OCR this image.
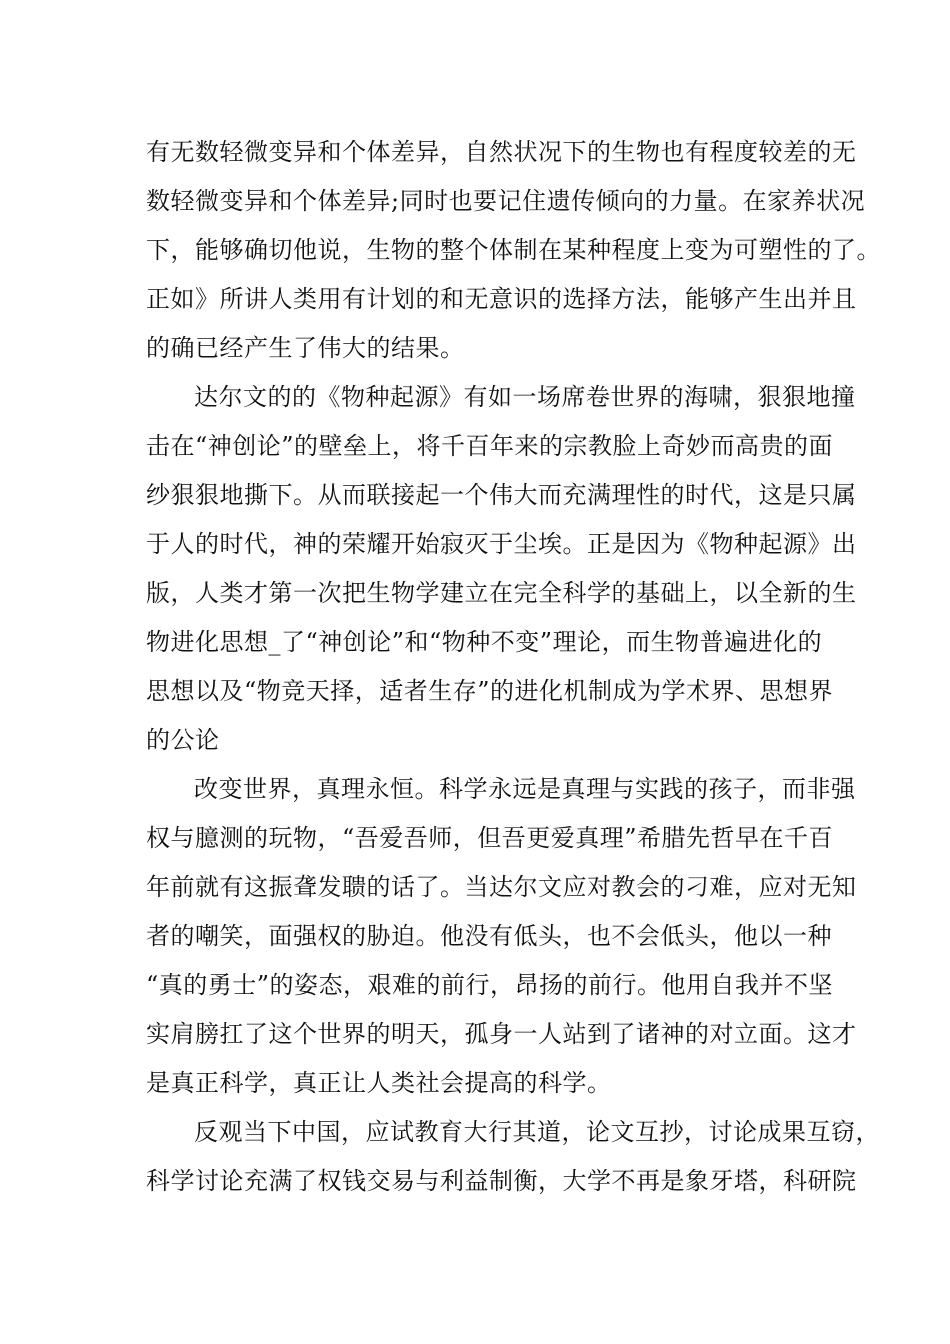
有无数轻微变异和个体差异，自然状况下的生物也有程度较差的无
数轻微变异和个体差异;同时也要记住遗传倾向的力量。在家养状况
下，能够确切他说，生物的整个体制在某种程度上变为可塑性的了。
正如》所讲人类用有计划的和无意识的选择方法，能够产生出并且
的确已经产生了伟大的结果。
达尔文的的《物种起源》有如一场席卷世界的海啸，狠狠地撞
击在“神创论”的壁垒上，将千百年来的宗教脸上奇妙而高贵的面
纱狠狠地撕下。从而联接起一个伟大而充满理性的时代，这是只属
于人的时代，神的荣耀开始寂灭于尘埃。正是因为《物种起源》出
版，人类才第一次把生物学建立在完全科学的基础上，以全新的生
物进化思想_了“神创论”和“物种不变”理论，而生物普遍进化的
思想以及“物竞天择，适者生存”的进化机制成为学术界、思想界
的公论
改变世界，真理永恒。科学永远是真理与实践的孩子，而非强
权与臆测的玩物，“吾爱吾师，但吾更爱真理”希腊先哲早在千百
年前就有这振聋发聩的话了。当达尔文应对教会的刁难，应对无知
者的嘲笑，面强权的胁迫。他没有低头，也不会低头，他以一种
“真的勇士”的姿态，艰难的前行，昂扬的前行。他用自我并不坚
实肩膀扛了这个世界的明天，孤身一人站到了诸神的对立面。这才
是真正科学，真正让人类社会提高的科学。
反观当下中国，应试教育大行其道，论文互抄，讨论成果互窃，
科学讨论充满了权钱交易与利益制衡，大学不再是象牙塔，科研院
